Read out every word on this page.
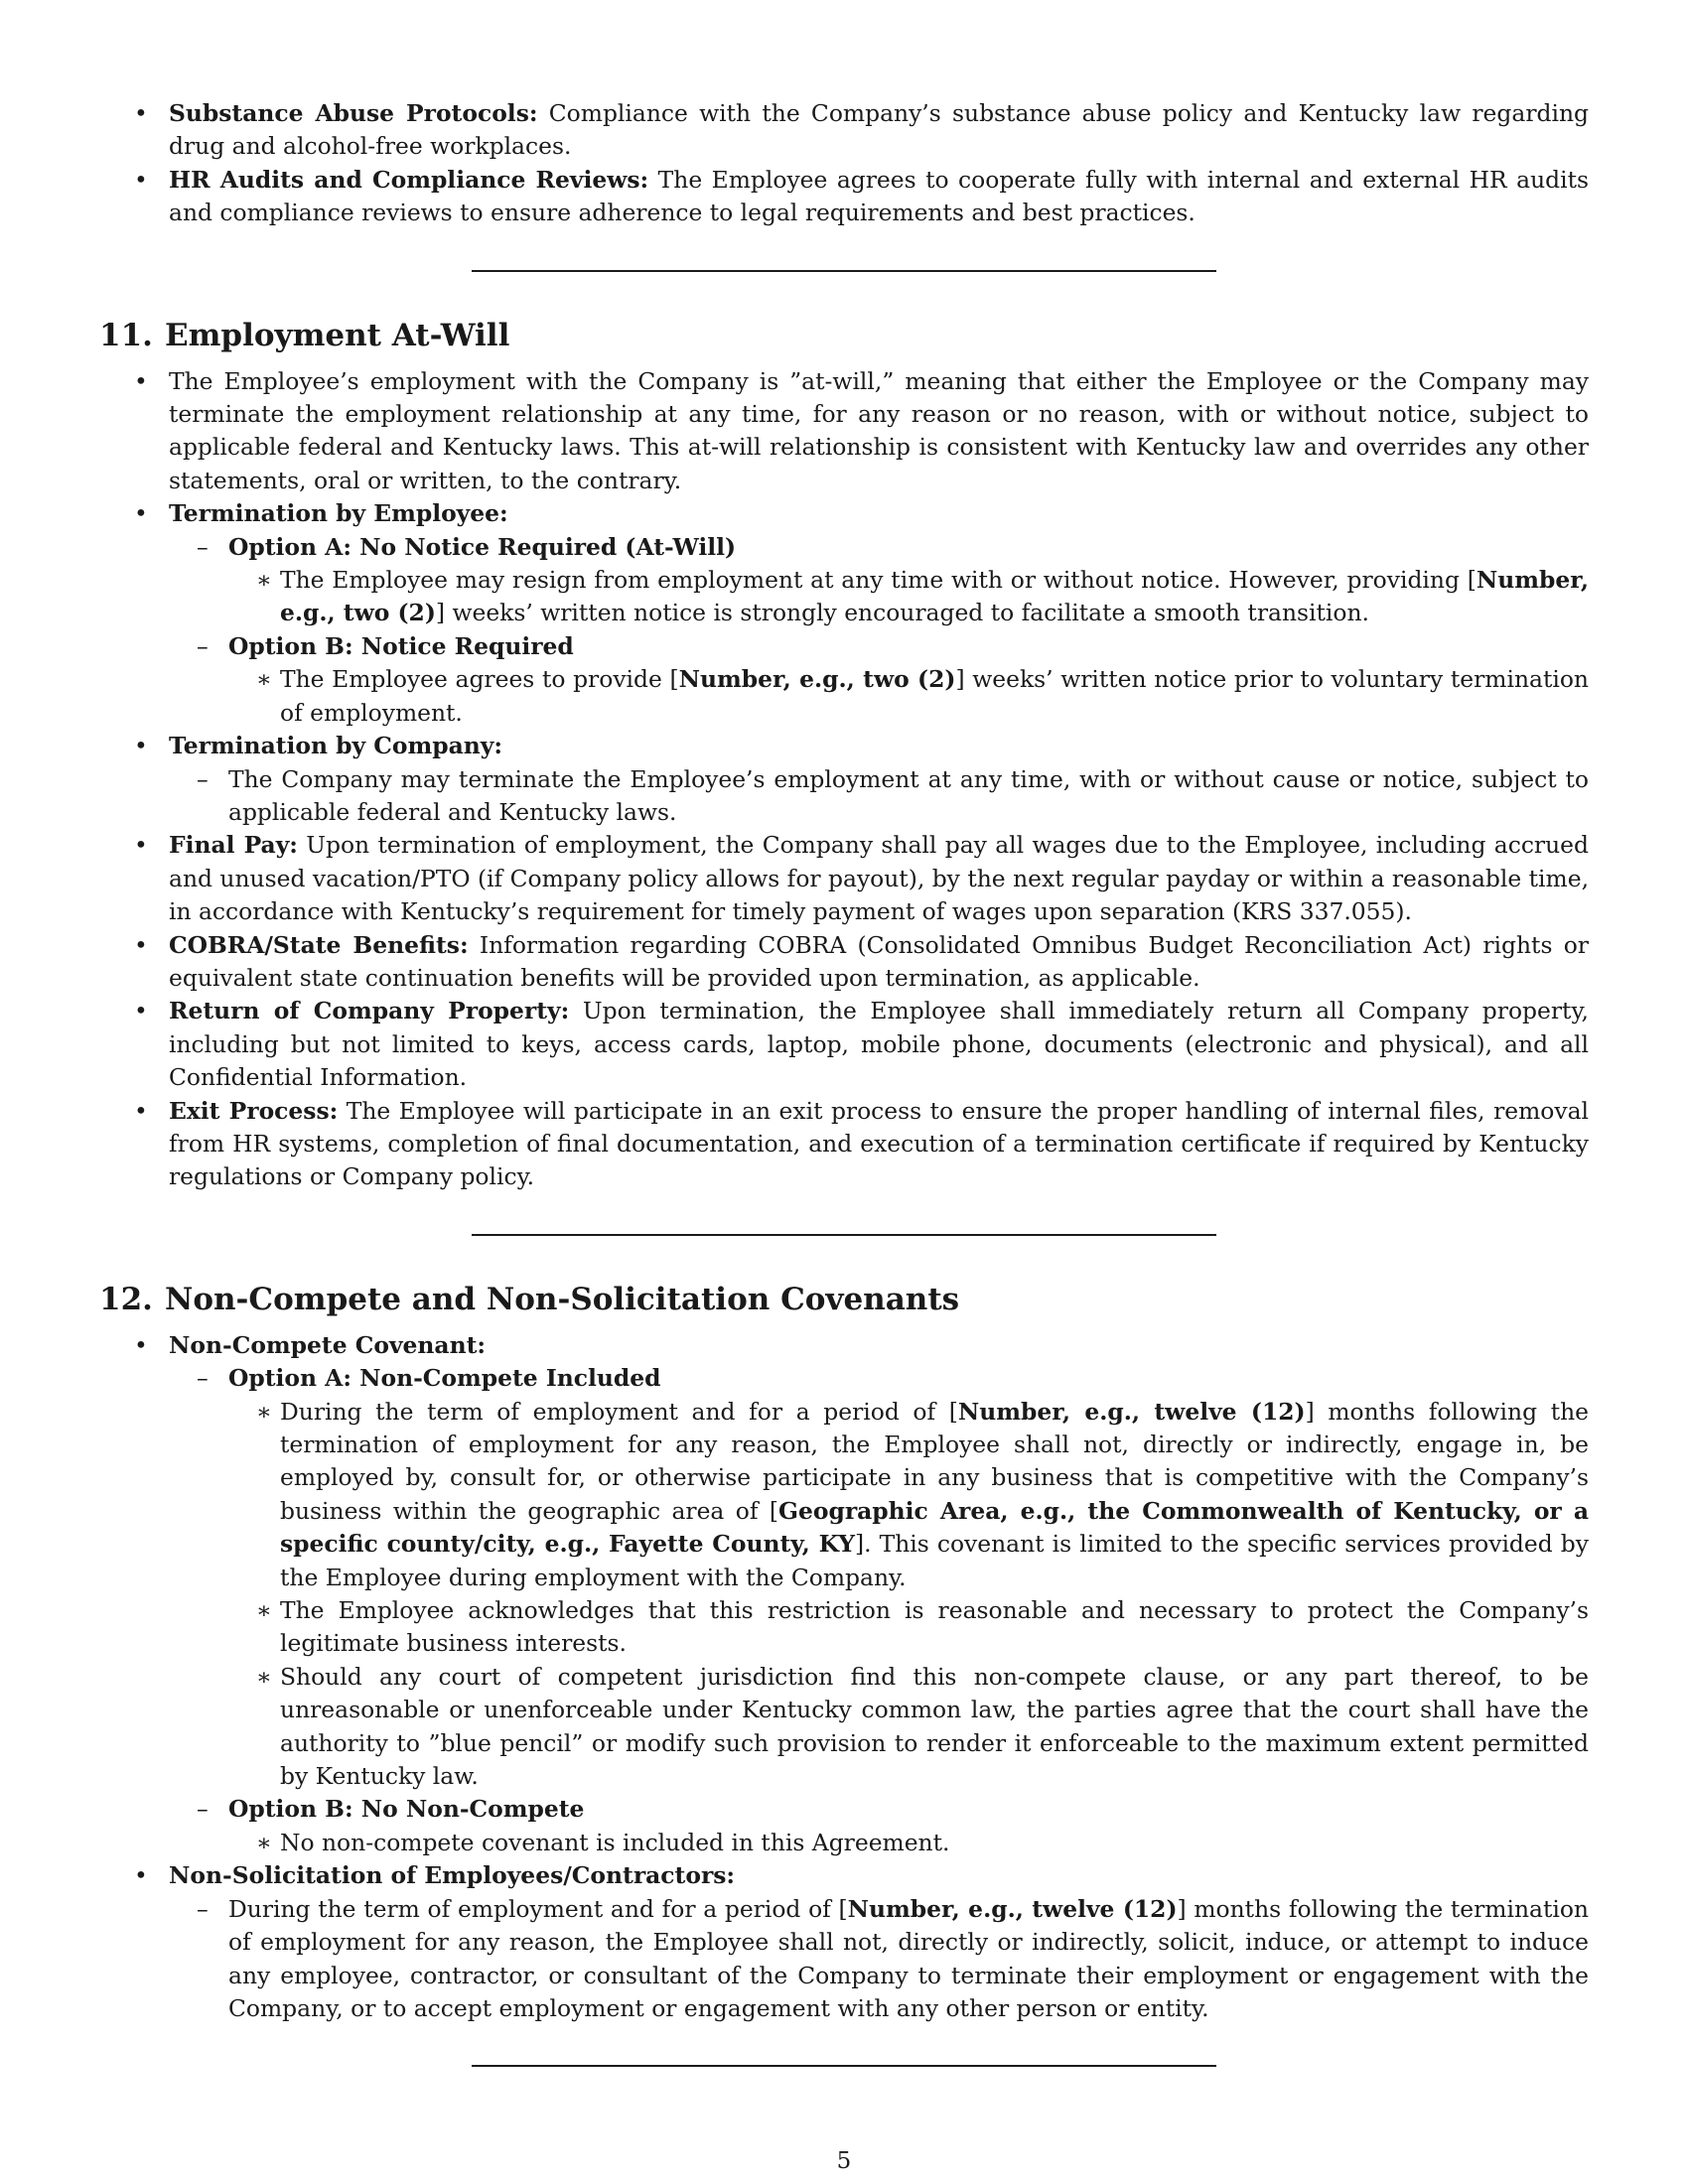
• Substance Abuse Protocols: Compliance with the Company’s substance abuse policy and Kentucky law regarding drug and alcohol-free workplaces.
• HR Audits and Compliance Reviews: The Employee agrees to cooperate fully with internal and external HR audits and compliance reviews to ensure adherence to legal requirements and best practices.
11. Employment At-Will
• The Employee’s employment with the Company is ”at-will,” meaning that either the Employee or the Company may terminate the employment relationship at any time, for any reason or no reason, with or without notice, subject to applicable federal and Kentucky laws. This at-will relationship is consistent with Kentucky law and overrides any other statements, oral or written, to the contrary.
• Termination by Employee:
– Option A: No Notice Required (At-Will)
∗ The Employee may resign from employment at any time with or without notice. However, providing [Number, e.g., two (2)] weeks’ written notice is strongly encouraged to facilitate a smooth transition.
– Option B: Notice Required
∗ The Employee agrees to provide [Number, e.g., two (2)] weeks’ written notice prior to voluntary termination of employment.
• Termination by Company:
– The Company may terminate the Employee’s employment at any time, with or without cause or notice, subject to applicable federal and Kentucky laws.
• Final Pay: Upon termination of employment, the Company shall pay all wages due to the Employee, including accrued and unused vacation/PTO (if Company policy allows for payout), by the next regular payday or within a reasonable time, in accordance with Kentucky’s requirement for timely payment of wages upon separation (KRS 337.055).
• COBRA/State Benefits: Information regarding COBRA (Consolidated Omnibus Budget Reconciliation Act) rights or equivalent state continuation benefits will be provided upon termination, as applicable.
• Return of Company Property: Upon termination, the Employee shall immediately return all Company property, including but not limited to keys, access cards, laptop, mobile phone, documents (electronic and physical), and all Confidential Information.
• Exit Process: The Employee will participate in an exit process to ensure the proper handling of internal files, removal from HR systems, completion of final documentation, and execution of a termination certificate if required by Kentucky regulations or Company policy.
12. Non-Compete and Non-Solicitation Covenants
• Non-Compete Covenant:
– Option A: Non-Compete Included
∗ During the term of employment and for a period of [Number, e.g., twelve (12)] months following the termination of employment for any reason, the Employee shall not, directly or indirectly, engage in, be employed by, consult for, or otherwise participate in any business that is competitive with the Company’s business within the geographic area of [Geographic Area, e.g., the Commonwealth of Kentucky, or a specific county/city, e.g., Fayette County, KY]. This covenant is limited to the specific services provided by the Employee during employment with the Company.
∗ The Employee acknowledges that this restriction is reasonable and necessary to protect the Company’s legitimate business interests.
∗ Should any court of competent jurisdiction find this non-compete clause, or any part thereof, to be unreasonable or unenforceable under Kentucky common law, the parties agree that the court shall have the authority to ”blue pencil” or modify such provision to render it enforceable to the maximum extent permitted by Kentucky law.
– Option B: No Non-Compete
∗ No non-compete covenant is included in this Agreement.
• Non-Solicitation of Employees/Contractors:
– During the term of employment and for a period of [Number, e.g., twelve (12)] months following the termination of employment for any reason, the Employee shall not, directly or indirectly, solicit, induce, or attempt to induce any employee, contractor, or consultant of the Company to terminate their employment or engagement with the Company, or to accept employment or engagement with any other person or entity.
5
